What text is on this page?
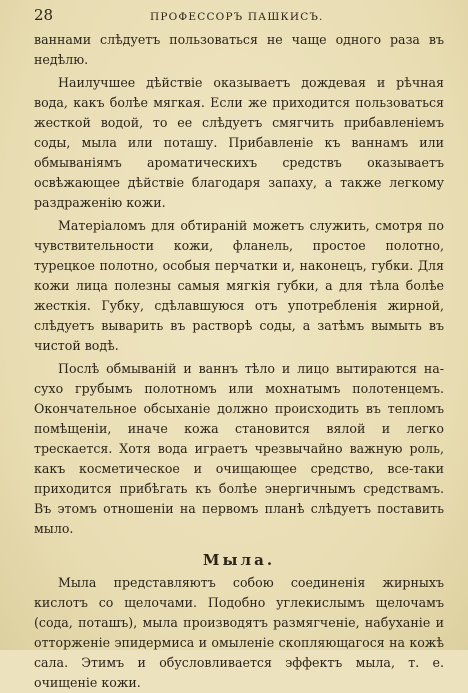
28	ПРОФЕССОРЪ ПАШКИСЪ.

ваннами слѣдуетъ пользоваться не чаще одного раза въ недѣлю.

Наилучшее дѣйствіе оказываетъ дождевая и рѣчная вода, какъ болѣе мягкая. Если же приходится пользоваться жесткой водой, то ее слѣдуетъ смягчить прибавленіемъ соды, мыла или поташу. Прибавленіе къ ваннамъ или обмываніямъ ароматическихъ средствъ оказываетъ освѣжающее дѣйствіе благодаря запаху, а также легкому раздраженію кожи.

Матеріаломъ для обтираній можетъ служить, смотря по чувствительности кожи, фланель, простое полотно, турецкое полотно, особыя перчатки и, наконецъ, губки. Для кожи лица полезны самыя мягкія губки, а для тѣла болѣе жесткія. Губку, сдѣлавшуюся отъ употребленія жирной, слѣдуетъ выварить въ растворѣ соды, а затѣмъ вымыть въ чистой водѣ.

Послѣ обмываній и ваннъ тѣло и лицо вытираются на-сухо грубымъ полотномъ или мохнатымъ полотенцемъ. Окончательное обсыханіе должно происходить въ тепломъ помѣщеніи, иначе кожа становится вялой и легко трескается. Хотя вода играетъ чрезвычайно важную роль, какъ косметическое и очищающее средство, все-таки приходится прибѣгать къ болѣе энергичнымъ средствамъ. Въ этомъ отношеніи на первомъ планѣ слѣдуетъ поставить мыло.

Мыла.

Мыла представляютъ собою соединенія жирныхъ кислотъ со щелочами. Подобно углекислымъ щелочамъ (сода, поташъ), мыла производятъ размягченіе, набуханіе и отторженіе эпидермиса и омыленіе скопляющагося на кожѣ сала. Этимъ и обусловливается эффектъ мыла, т. е. очищеніе кожи.
